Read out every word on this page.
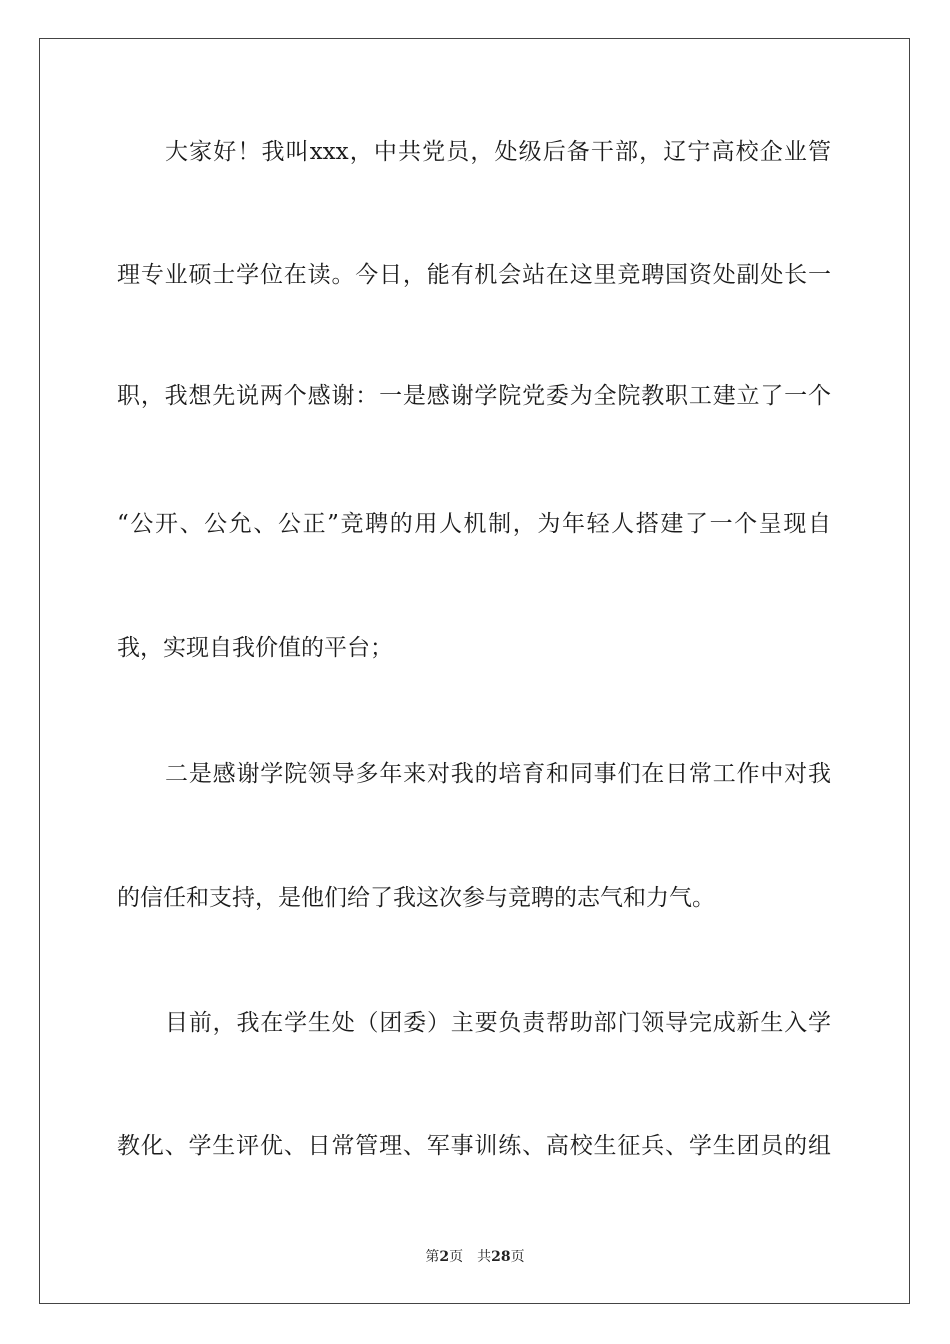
大家好！我叫xxx，中共党员，处级后备干部，辽宁高校企业管
理专业硕士学位在读。今日，能有机会站在这里竞聘国资处副处长一
职，我想先说两个感谢：一是感谢学院党委为全院教职工建立了一个
“公开、公允、公正”竞聘的用人机制，为年轻人搭建了一个呈现自
我，实现自我价值的平台；
二是感谢学院领导多年来对我的培育和同事们在日常工作中对我
的信任和支持，是他们给了我这次参与竞聘的志气和力气。
目前，我在学生处（团委）主要负责帮助部门领导完成新生入学
教化、学生评优、日常管理、军事训练、高校生征兵、学生团员的组
第2页 共28页
